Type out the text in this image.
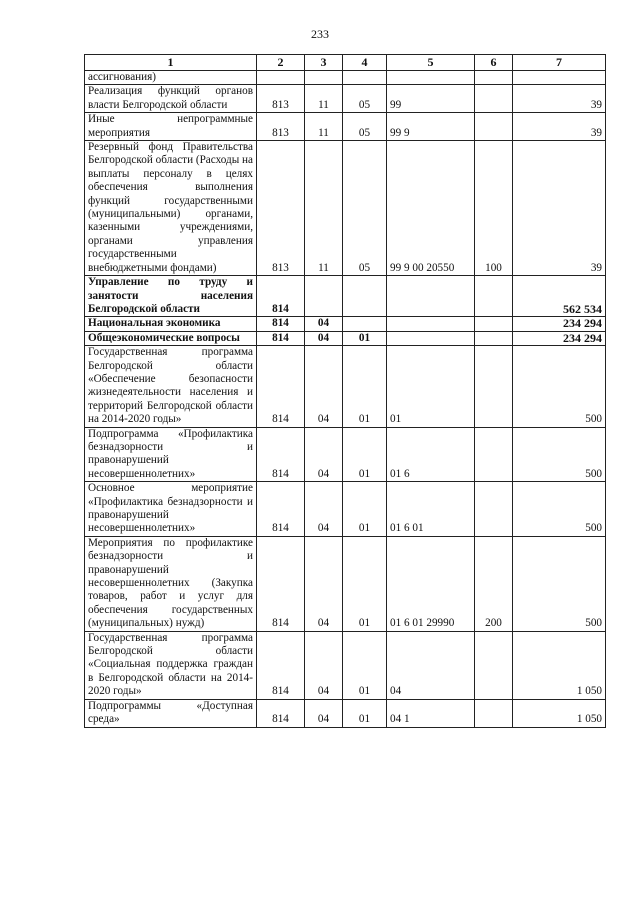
233
1	2	3	4	5	6	7
ассигнования)						
Реализация функций органов власти Белгородской области	813	11	05	99		39
Иные непрограммные мероприятия	813	11	05	99 9		39
Резервный фонд Правительства Белгородской области (Расходы на выплаты персоналу в целях обеспечения выполнения функций государственными (муниципальными) органами, казенными учреждениями, органами управления государственными внебюджетными фондами)	813	11	05	99 9 00 20550	100	39
Управление по труду и занятости населения Белгородской области	814					562 534
Национальная экономика	814	04				234 294
Общеэкономические вопросы	814	04	01			234 294
Государственная программа Белгородской области «Обеспечение безопасности жизнедеятельности населения и территорий Белгородской области на 2014-2020 годы»	814	04	01	01		500
Подпрограмма «Профилактика безнадзорности и правонарушений несовершеннолетних»	814	04	01	01 6		500
Основное мероприятие «Профилактика безнадзорности и правонарушений несовершеннолетних»	814	04	01	01 6 01		500
Мероприятия по профилактике безнадзорности и правонарушений несовершеннолетних (Закупка товаров, работ и услуг для обеспечения государственных (муниципальных) нужд)	814	04	01	01 6 01 29990	200	500
Государственная программа Белгородской области «Социальная поддержка граждан в Белгородской области на 2014-2020 годы»	814	04	01	04		1 050
Подпрограммы «Доступная среда»	814	04	01	04 1		1 050
